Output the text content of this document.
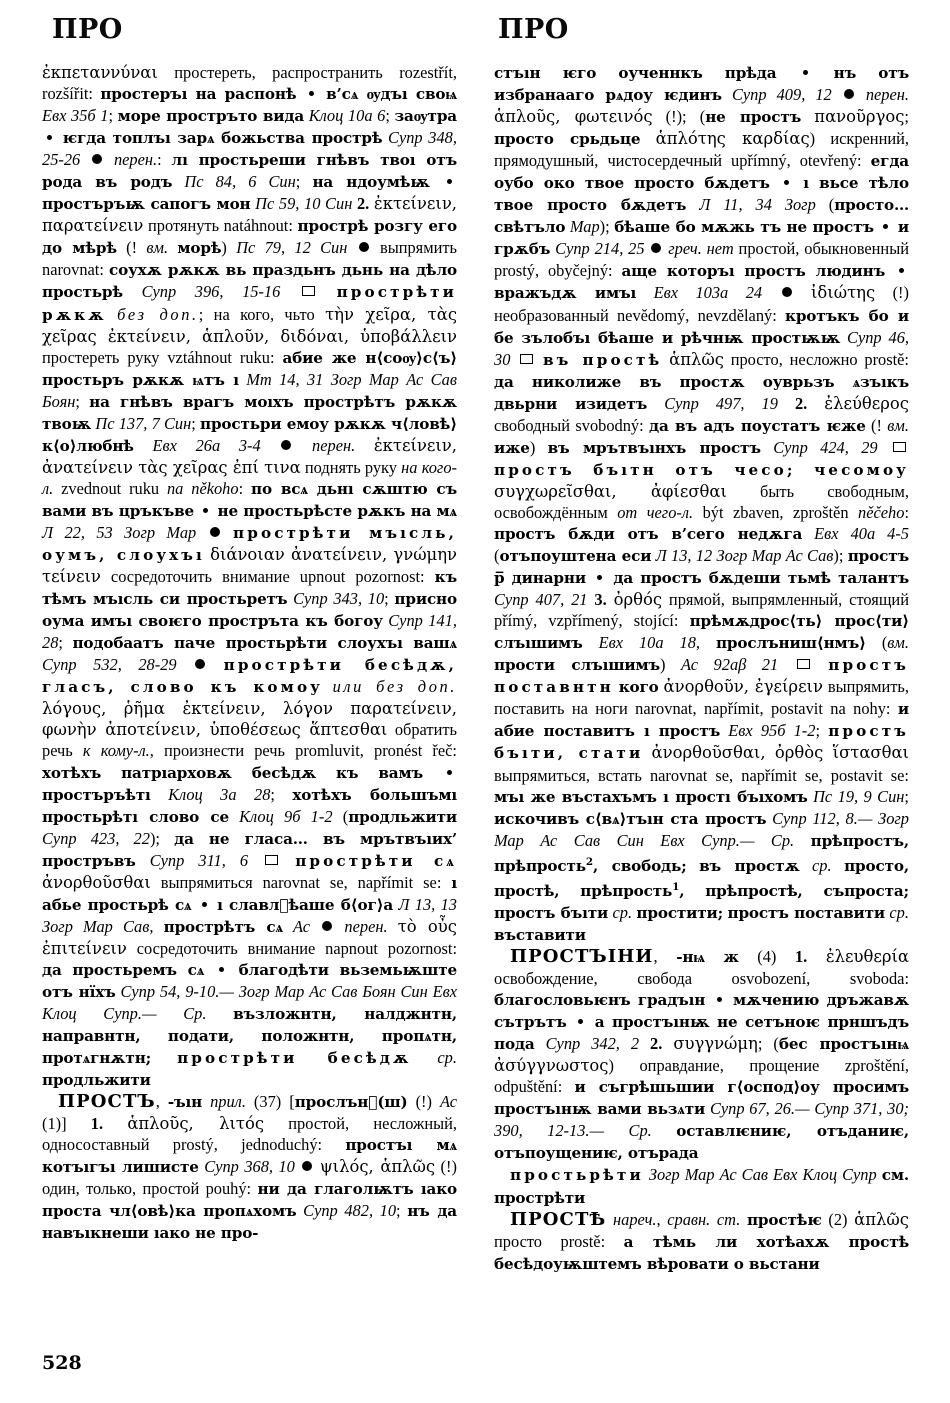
ПРО	ПРО

ἐκπεταννύναι простереть, распространить rozestřít, rozšířit: простеръı на распонѣ в’сѧ ѹдъı своѩ Евх 35б 1; море простръто вида Клоц 10а 6; заѹтра  ѥгда топлъı зарѧ божьства прострѣ Супр 348, 25-26 перен.: лı простьреши гнѣвъ твоı отъ рода въ родъ Пс 84, 6 Син; на ндоумѣѭ  простъръѭ сапогъ мон Пс 59, 10 Син 2. ἐκτείνειν, παρατείνειν протянуть natáhnout: прострѣ розгу его до мѣрѣ (! вм. морѣ) Пс 79, 12 Син  выпрямить narovnat: соухѫ рѫкѫ вь праздьнъ дьнь на дѣло простьрѣ Супр 396, 15-16	прострѣти рѫкѫ без доп.; на кого, чьто τὴν χεῖρα, τὰς χεῖρας ἐκτείνειν, ἁπλοῦν, διδόναι, ὑποβάλλειν простереть руку vztáhnout ruku: абие же н⟨соѹ⟩с⟨ъ⟩ простьръ рѫкѫ ѩтъ ı Мт 14, 31 Зогр Мар Ас Сав Боян; на гнѣвъ врагъ моıхъ прострѣтъ рѫкѫ твоѭ Пс 137, 7 Син; простьри емоу рѫкѫ ч⟨ловѣ⟩к⟨о⟩любнѣ Евх 26а 3-4	перен. ἐκτείνειν, ἀνατείνειν τὰς χεῖρας ἐπί τινα поднять руку на кого-л. zvednout ruku na někoho: по всѧ дьнı сѫштю съ вами въ цръкъве не простьрѣсте рѫкъ на мѧ Л 22, 53 Зогр Мар прострѣти мъıсль, оумъ, слоухъı διάνοιαν ἀνατείνειν, γνώμην τείνειν сосредоточить внимание upnout pozornost: къ тѣмъ мъıсль си простьретъ Супр 343, 10; присно оума имъı своѥго простръта къ богоу Супр 141, 28; подобаатъ паче простьрѣти слоухъı вашѧ Супр 532, 28-29	прострѣти бесѣдѫ, гласъ, слово къ комоу или без доп. λόγους, ῥῆμα ἐκτείνειν, λόγον παρατείνειν, φωνὴν ἀποτείνειν, ὑποθέσεως ἅπτεσθαι обратить речь к кому-л., произнести речь promluvit, pronést řeč: хотѣхъ патрıарховѫ бесѣдѫ къ вамъ  простъръѣтı Клоц 3а 28; хотѣхъ большъмı простьрѣтı слово се Клоц 9б 1-2 (продльжити Супр 423, 22); да не гласа… въ мрътвъıих’ простръвъ Супр 311, 6	прострѣти сѧ ἀνορθοῦσθαι выпрямиться narovnat se, napřímit se: ı абье простьрѣ сѧ ı славлᷠѣаше б⟨ог⟩а Л 13, 13 Зогр Мар Сав, прострѣтъ сѧ Ас перен. τὸ οὖς ἐπιτείνειν сосредоточить внимание napnout pozornost: да простьремъ сѧ благодѣти вьземьѭште отъ нїхъ Супр 54, 9-10.— Зогр Мар Ас Сав Боян Син Евх Клоц Супр.— Ср. възложнтн, налджнтн, направнтн, подати, положнтн, пропѧтн, протѧгнѫтн; прострѣти бесѣдѫ ср. продльжити

ПРОСТЪ, -ъıн прил. (37) [прослънⷩ(ш) (!) Ас (1)] 1. ἁπλοῦς, λιτός простой, несложный, односоставный prostý, jednoduchý: простъı мѧ котъıгъı лишисте Супр 368, 10 ψιλός, ἁπλῶς (!) один, только, простой pouhý: ни да глаголѭтъ ıако проста чл⟨овѣ⟩ка пропѧхомъ Супр 482, 10; нъ да навъıкнеши ıако не про-

стъıн ѥго оученнкъ прѣда	нъ отъ избранааго рѧдоу ѥдинъ Супр 409, 12 перен. ἁπλοῦς, φωτεινός (!); (не простъ πανοῦργος; просто срьдьце ἁπλότης καρδίας) искренний, прямодушный, чистосердечный upřímný, otevřený: егда оубо око твое просто бѫдетъ ı вьсе тѣло твое просто бѫдетъ Л 11, 34 Зогр (просто… свѣтъло Мар); бѣаше бо мѫжь тъ не простъ и грѫбъ Супр 214, 25 греч. нет простой, обыкновенный prostý, obyčejný: аще которъı простъ людинъ  вражъдѫ имъı Евх 103а 24	ἰδιώτης (!) необразованный nevědomý, nevzdělaný: кротъкъ бо и бе зълобъı бѣаше и рѣчнѭ простѭѭ Супр 46, 30 въ простѣ ἁπλῶς просто, несложно prostě: да николиже въ простѫ оуврьзъ ѧзъıкъ двьрни изидетъ Супр 497, 19 2. ἐλεύθερος свободный svobodný: да въ адъ поустатъ ѥже (! вм. иже) въ мрътвъıнхъ простъ Супр 424, 29  простъ бъıтн отъ чесо; чесомоу συγχωρεῖσθαι, ἀφίεσθαι быть свободным, освобождённым от чего-л. být zbaven, zproštěn něčeho: простъ бѫди отъ в’сего недѫга Евх 40а 4-5 (отъпоуштена еси Л 13, 12 Зогр Мар Ас Сав); простъ р̅ динарни да простъ бѫдеши тьмѣ талантъ Супр 407, 21 3. ὀρθός прямой, выпрямленный, стоящий přímý, vzpřímený, stojící: прѣмѫдрос⟨ть⟩ прос⟨ти⟩ слъıшимъ Евх 10а 18, прослъниш⟨нмъ⟩ (вм. прости слъıшимъ) Ас 92аβ 21	простъ поставнтн кого ἀνορθοῦν, ἐγείρειν выпрямить, поставить на ноги narovnat, napřímit, postavit na nohy: и абие поставитъ ı простъ Евх 95б 1-2; простъ бъıти, стати ἀνορθοῦσθαι, ὀρθὸς ἵστασθαι выпрямиться, встать narovnat se, napřímit se, postavit se: мъı же въстахъмъ ı простı бъıхомъ Пс 19, 9 Син; искочивъ с⟨вѧ⟩тъıн ста простъ Супр 112, 8.— Зогр Мар Ас Сав Син Евх Супр.— Ср. прѣпростъ, прѣпрость$^2$, свободь; въ простѫ ср. просто, простѣ, прѣпрость$^1$, прѣпростѣ, съпроста; простъ бъıти ср. простити; простъ поставити ср. въставити

ПРОСТЪІНИ, -нѩ ж (4) 1. ἐλευθερία освобождение, свобода osvobození, svoboda: благословьѥнъ градъıн мѫчению дръжавѫ сътрътъ а простъıнѭ не сетъноѥ прншъдъ пода Супр 342, 2 2. συγγνώμη; (бес простъıнѩ ἀσύγγνωστος) оправдание, прощение zproštění, odpuštění: и съгрѣшьшии г⟨оспод⟩оу просимъ простъıнѭ вами вьзѧти Супр 67, 26.— Супр 371, 30; 390, 12-13.— Ср. оставлѥниѥ, отъданиѥ, отъпоущениѥ, отърада

простьрѣти Зогр Мар Ас Сав Евх Клоц Супр см. прострѣти

ПРОСТѢ нареч., сравн. ст. простѣѥ (2) ἁπλῶς просто prostě: а тѣмь ли хотѣахѫ простѣ бесѣдоуѭштемъ вѣровати о вьстани

528
